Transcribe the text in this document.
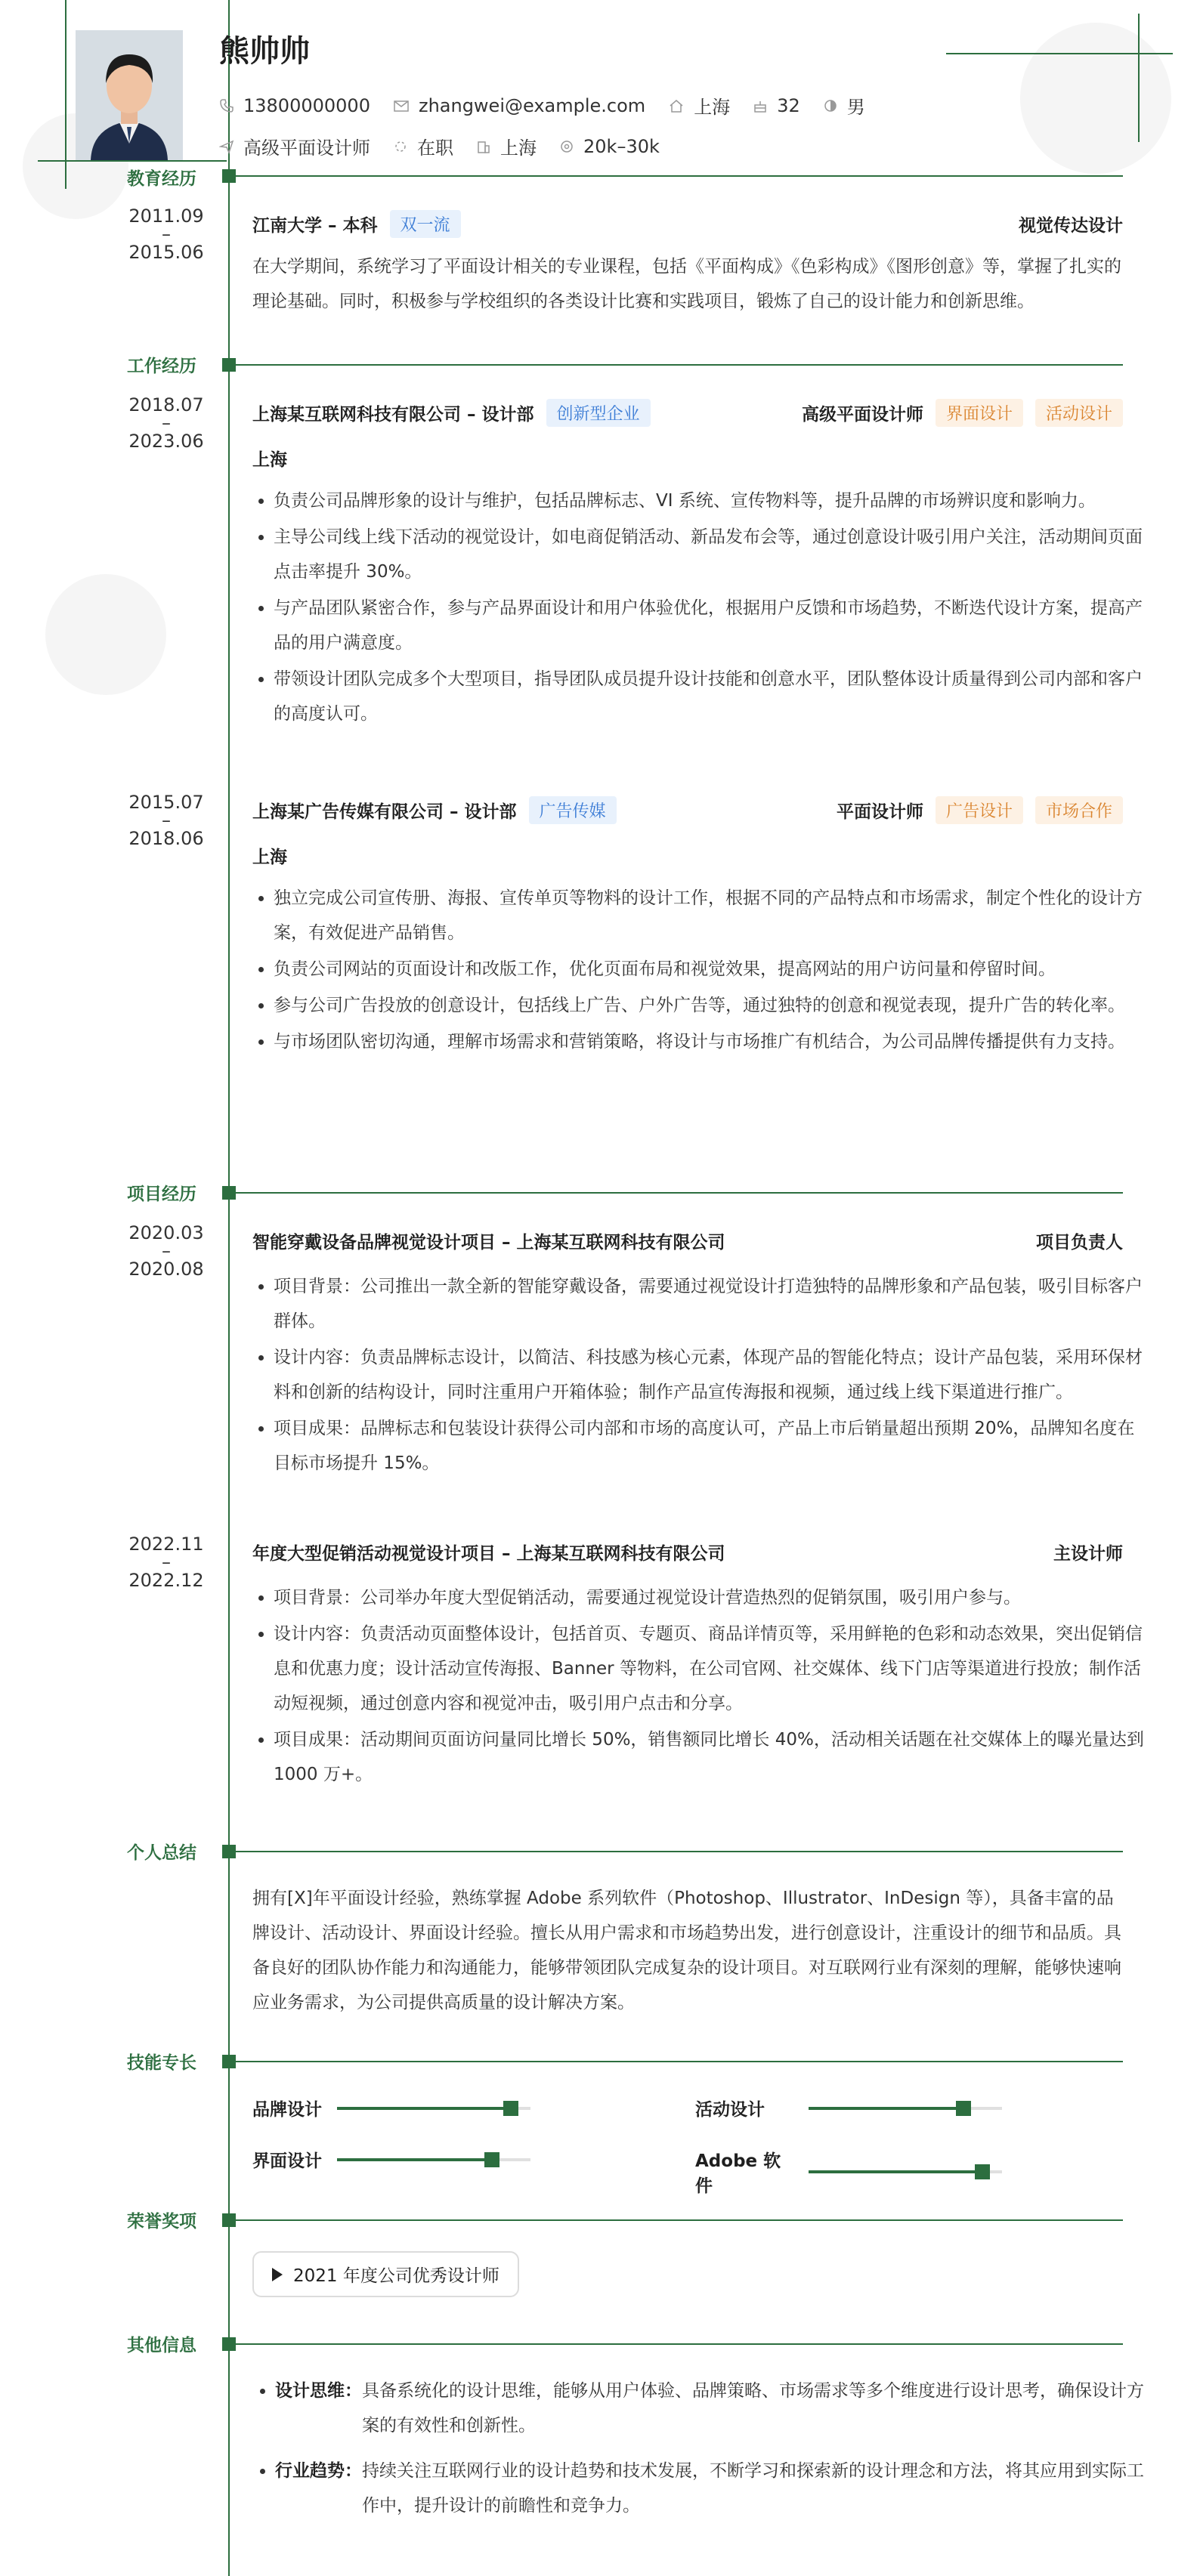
熊帅帅
13800000000	zhangwei@example.com	上海	32	男
高级平面设计师	在职	上海	20k–30k
教育经历
2011.09
–
2015.06
江南大学 – 本科	双一流	视觉传达设计
在大学期间，系统学习了平面设计相关的专业课程，包括《平面构成》《色彩构成》《图形创意》等，掌握了扎实的理论基础。同时，积极参与学校组织的各类设计比赛和实践项目，锻炼了自己的设计能力和创新思维。
工作经历
2018.07
–
2023.06
上海某互联网科技有限公司 – 设计部	创新型企业	高级平面设计师	界面设计	活动设计
上海
• 负责公司品牌形象的设计与维护，包括品牌标志、VI 系统、宣传物料等，提升品牌的市场辨识度和影响力。
• 主导公司线上线下活动的视觉设计，如电商促销活动、新品发布会等，通过创意设计吸引用户关注，活动期间页面点击率提升 30%。
• 与产品团队紧密合作，参与产品界面设计和用户体验优化，根据用户反馈和市场趋势，不断迭代设计方案，提高产品的用户满意度。
• 带领设计团队完成多个大型项目，指导团队成员提升设计技能和创意水平，团队整体设计质量得到公司内部和客户的高度认可。
2015.07
–
2018.06
上海某广告传媒有限公司 – 设计部	广告传媒	平面设计师	广告设计	市场合作
上海
• 独立完成公司宣传册、海报、宣传单页等物料的设计工作，根据不同的产品特点和市场需求，制定个性化的设计方案，有效促进产品销售。
• 负责公司网站的页面设计和改版工作，优化页面布局和视觉效果，提高网站的用户访问量和停留时间。
• 参与公司广告投放的创意设计，包括线上广告、户外广告等，通过独特的创意和视觉表现，提升广告的转化率。
• 与市场团队密切沟通，理解市场需求和营销策略，将设计与市场推广有机结合，为公司品牌传播提供有力支持。
项目经历
2020.03
–
2020.08
智能穿戴设备品牌视觉设计项目 – 上海某互联网科技有限公司	项目负责人
• 项目背景：公司推出一款全新的智能穿戴设备，需要通过视觉设计打造独特的品牌形象和产品包装，吸引目标客户群体。
• 设计内容：负责品牌标志设计，以简洁、科技感为核心元素，体现产品的智能化特点；设计产品包装，采用环保材料和创新的结构设计，同时注重用户开箱体验；制作产品宣传海报和视频，通过线上线下渠道进行推广。
• 项目成果：品牌标志和包装设计获得公司内部和市场的高度认可，产品上市后销量超出预期 20%，品牌知名度在目标市场提升 15%。
2022.11
–
2022.12
年度大型促销活动视觉设计项目 – 上海某互联网科技有限公司	主设计师
• 项目背景：公司举办年度大型促销活动，需要通过视觉设计营造热烈的促销氛围，吸引用户参与。
• 设计内容：负责活动页面整体设计，包括首页、专题页、商品详情页等，采用鲜艳的色彩和动态效果，突出促销信息和优惠力度；设计活动宣传海报、Banner 等物料，在公司官网、社交媒体、线下门店等渠道进行投放；制作活动短视频，通过创意内容和视觉冲击，吸引用户点击和分享。
• 项目成果：活动期间页面访问量同比增长 50%，销售额同比增长 40%，活动相关话题在社交媒体上的曝光量达到 1000 万+。
个人总结
拥有[X]年平面设计经验，熟练掌握 Adobe 系列软件（Photoshop、Illustrator、InDesign 等），具备丰富的品牌设计、活动设计、界面设计经验。擅长从用户需求和市场趋势出发，进行创意设计，注重设计的细节和品质。具备良好的团队协作能力和沟通能力，能够带领团队完成复杂的设计项目。对互联网行业有深刻的理解，能够快速响应业务需求，为公司提供高质量的设计解决方案。
技能专长
品牌设计	活动设计
界面设计	Adobe 软件
荣誉奖项
2021 年度公司优秀设计师
其他信息
• 设计思维： 具备系统化的设计思维，能够从用户体验、品牌策略、市场需求等多个维度进行设计思考，确保设计方案的有效性和创新性。
• 行业趋势： 持续关注互联网行业的设计趋势和技术发展，不断学习和探索新的设计理念和方法，将其应用到实际工作中，提升设计的前瞻性和竞争力。
